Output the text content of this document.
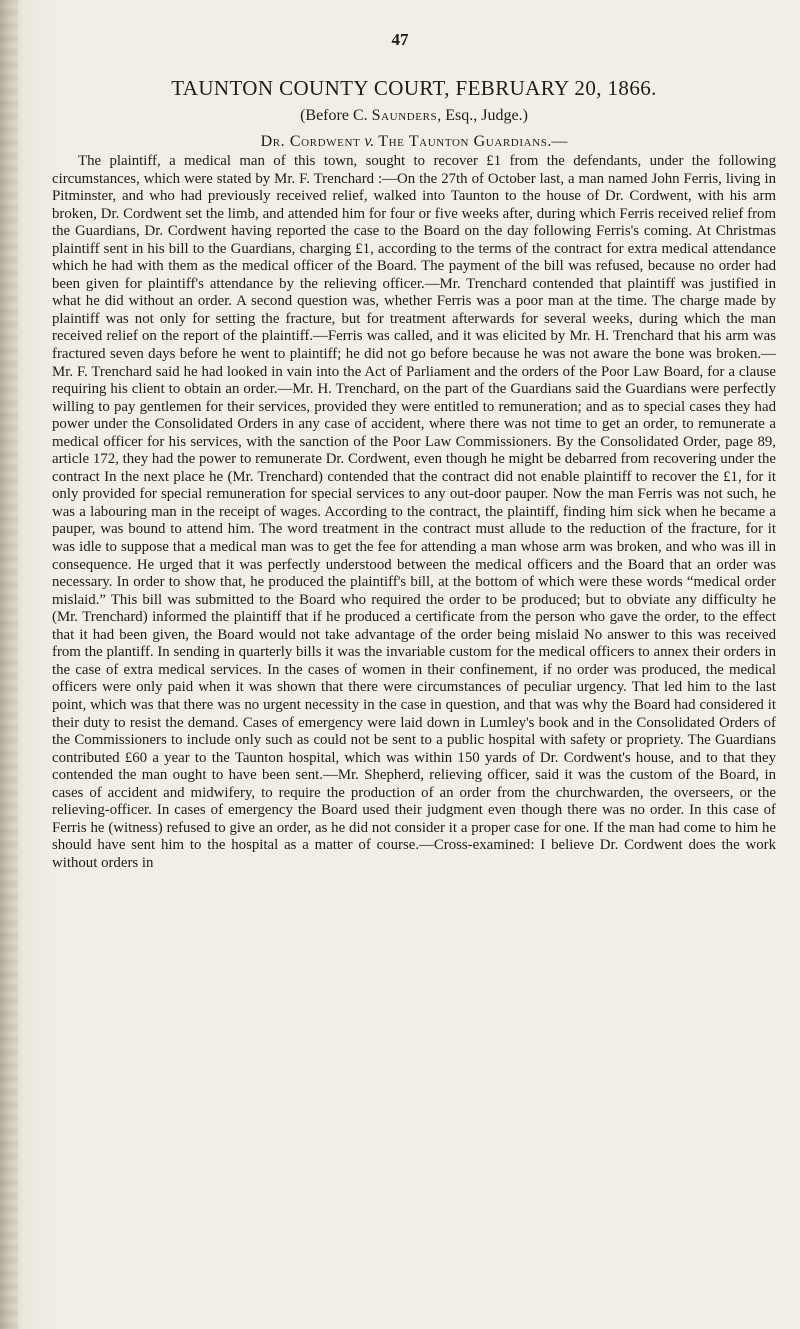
47
TAUNTON COUNTY COURT, FEBRUARY 20, 1866.
(Before C. Saunders, Esq., Judge.)
Dr. Cordwent v. The Taunton Guardians.—

The plaintiff, a medical man of this town, sought to recover £1 from the defendants, under the following circumstances, which were stated by Mr. F. Trenchard :—On the 27th of October last, a man named John Ferris, living in Pitminster, and who had previously received relief, walked into Taunton to the house of Dr. Cordwent, with his arm broken, Dr. Cordwent set the limb, and attended him for four or five weeks after, during which Ferris received relief from the Guardians, Dr. Cordwent having reported the case to the Board on the day following Ferris's coming. At Christmas plaintiff sent in his bill to the Guardians, charging £1, according to the terms of the contract for extra medical attendance which he had with them as the medical officer of the Board. The payment of the bill was refused, because no order had been given for plaintiff's attendance by the relieving officer.—Mr. Trenchard contended that plaintiff was justified in what he did without an order. A second question was, whether Ferris was a poor man at the time. The charge made by plaintiff was not only for setting the fracture, but for treatment afterwards for several weeks, during which the man received relief on the report of the plaintiff.—Ferris was called, and it was elicited by Mr. H. Trenchard that his arm was fractured seven days before he went to plaintiff; he did not go before because he was not aware the bone was broken.—Mr. F. Trenchard said he had looked in vain into the Act of Parliament and the orders of the Poor Law Board, for a clause requiring his client to obtain an order.—Mr. H. Trenchard, on the part of the Guardians said the Guardians were perfectly willing to pay gentlemen for their services, provided they were entitled to remuneration; and as to special cases they had power under the Consolidated Orders in any case of accident, where there was not time to get an order, to remunerate a medical officer for his services, with the sanction of the Poor Law Commissioners. By the Consolidated Order, page 89, article 172, they had the power to remunerate Dr. Cordwent, even though he might be debarred from recovering under the contract In the next place he (Mr. Trenchard) contended that the contract did not enable plaintiff to recover the £1, for it only provided for special remuneration for special services to any out-door pauper. Now the man Ferris was not such, he was a labouring man in the receipt of wages. According to the contract, the plaintiff, finding him sick when he became a pauper, was bound to attend him. The word treatment in the contract must allude to the reduction of the fracture, for it was idle to suppose that a medical man was to get the fee for attending a man whose arm was broken, and who was ill in consequence. He urged that it was perfectly understood between the medical officers and the Board that an order was necessary. In order to show that, he produced the plaintiff's bill, at the bottom of which were these words “medical order mislaid.” This bill was submitted to the Board who required the order to be produced; but to obviate any difficulty he (Mr. Trenchard) informed the plaintiff that if he produced a certificate from the person who gave the order, to the effect that it had been given, the Board would not take advantage of the order being mislaid No answer to this was received from the plantiff. In sending in quarterly bills it was the invariable custom for the medical officers to annex their orders in the case of extra medical services. In the cases of women in their confinement, if no order was produced, the medical officers were only paid when it was shown that there were circumstances of peculiar urgency. That led him to the last point, which was that there was no urgent necessity in the case in question, and that was why the Board had considered it their duty to resist the demand. Cases of emergency were laid down in Lumley's book and in the Consolidated Orders of the Commissioners to include only such as could not be sent to a public hospital with safety or propriety. The Guardians contributed £60 a year to the Taunton hospital, which was within 150 yards of Dr. Cordwent's house, and to that they contended the man ought to have been sent.—Mr. Shepherd, relieving officer, said it was the custom of the Board, in cases of accident and midwifery, to require the production of an order from the churchwarden, the overseers, or the relieving-officer. In cases of emergency the Board used their judgment even though there was no order. In this case of Ferris he (witness) refused to give an order, as he did not consider it a proper case for one. If the man had come to him he should have sent him to the hospital as a matter of course.—Cross-examined: I believe Dr. Cordwent does the work without orders in
